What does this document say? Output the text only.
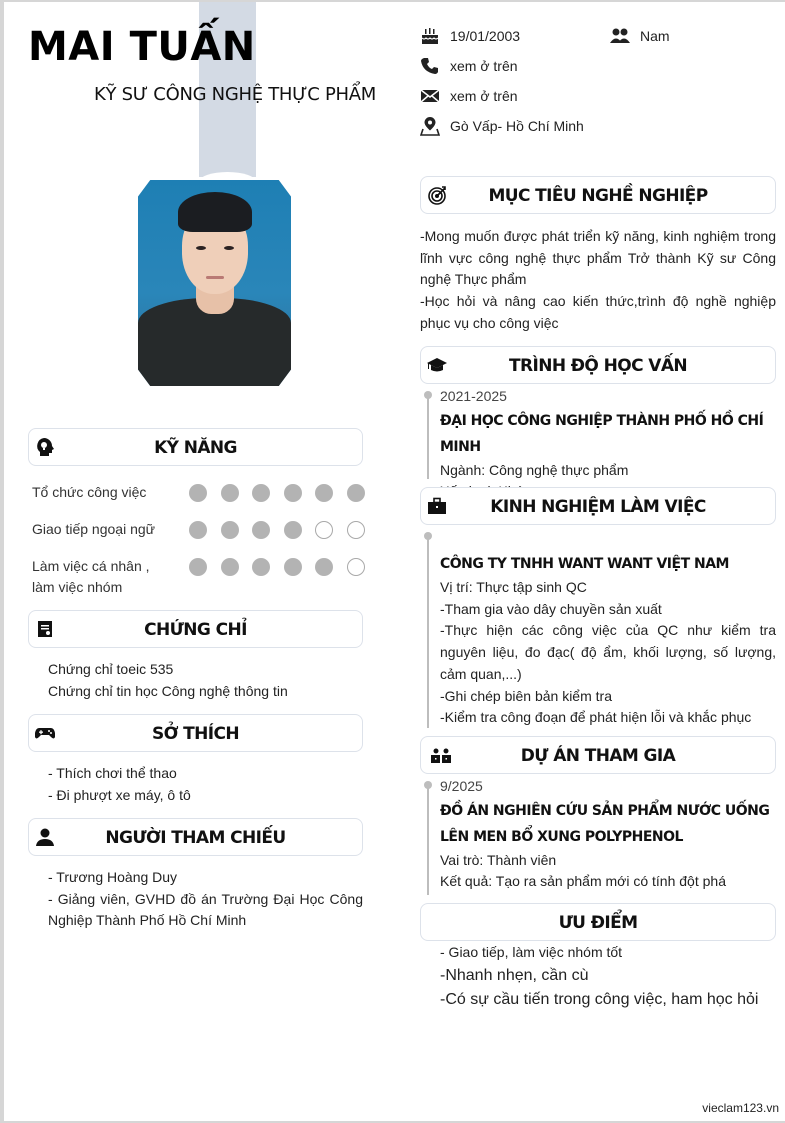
MAI TUẤN
KỸ SƯ CÔNG NGHỆ THỰC PHẨM
19/01/2003	Nam
xem ở trên
xem ở trên
Gò Vấp- Hồ Chí Minh
KỸ NĂNG
Tổ chức công việc
Giao tiếp ngoại ngữ
Làm việc cá nhân , làm việc nhóm
CHỨNG CHỈ
Chứng chỉ toeic 535
Chứng chỉ tin học Công nghệ thông tin
SỞ THÍCH
- Thích chơi thể thao
- Đi phượt xe máy, ô tô
NGƯỜI THAM CHIẾU
- Trương Hoàng Duy
- Giảng viên, GVHD đồ án Trường Đại Học Công Nghiệp Thành Phố Hồ Chí Minh
MỤC TIÊU NGHỀ NGHIỆP
-Mong muốn được phát triển kỹ năng, kinh nghiệm trong lĩnh vực công nghệ thực phẩm Trở thành Kỹ sư Công nghệ Thực phẩm
-Học hỏi và nâng cao kiến thức,trình độ nghề nghiệp phục vụ cho công việc
TRÌNH ĐỘ HỌC VẤN
2021-2025
ĐẠI HỌC CÔNG NGHIỆP THÀNH PHỐ HỒ CHÍ MINH
Ngành: Công nghệ thực phẩm
KINH NGHIỆM LÀM VIỆC
CÔNG TY TNHH WANT WANT VIỆT NAM
Vị trí: Thực tập sinh QC
-Tham gia vào dây chuyền sản xuất
-Thực hiện các công việc của QC như kiểm tra nguyên liệu, đo đạc( độ ẩm, khối lượng, số lượng, cảm quan,...)
-Ghi chép biên bản kiểm tra
-Kiểm tra công đoạn để phát hiện lỗi và khắc phục
DỰ ÁN THAM GIA
9/2025
ĐỒ ÁN NGHIÊN CỨU SẢN PHẨM NƯỚC UỐNG LÊN MEN BỔ XUNG POLYPHENOL
Vai trò: Thành viên
Kết quả: Tạo ra sản phẩm mới có tính đột phá
ƯU ĐIỂM
- Giao tiếp, làm việc nhóm tốt
-Nhanh nhẹn, cần cù
-Có sự cầu tiến trong công việc, ham học hỏi
vieclam123.vn
